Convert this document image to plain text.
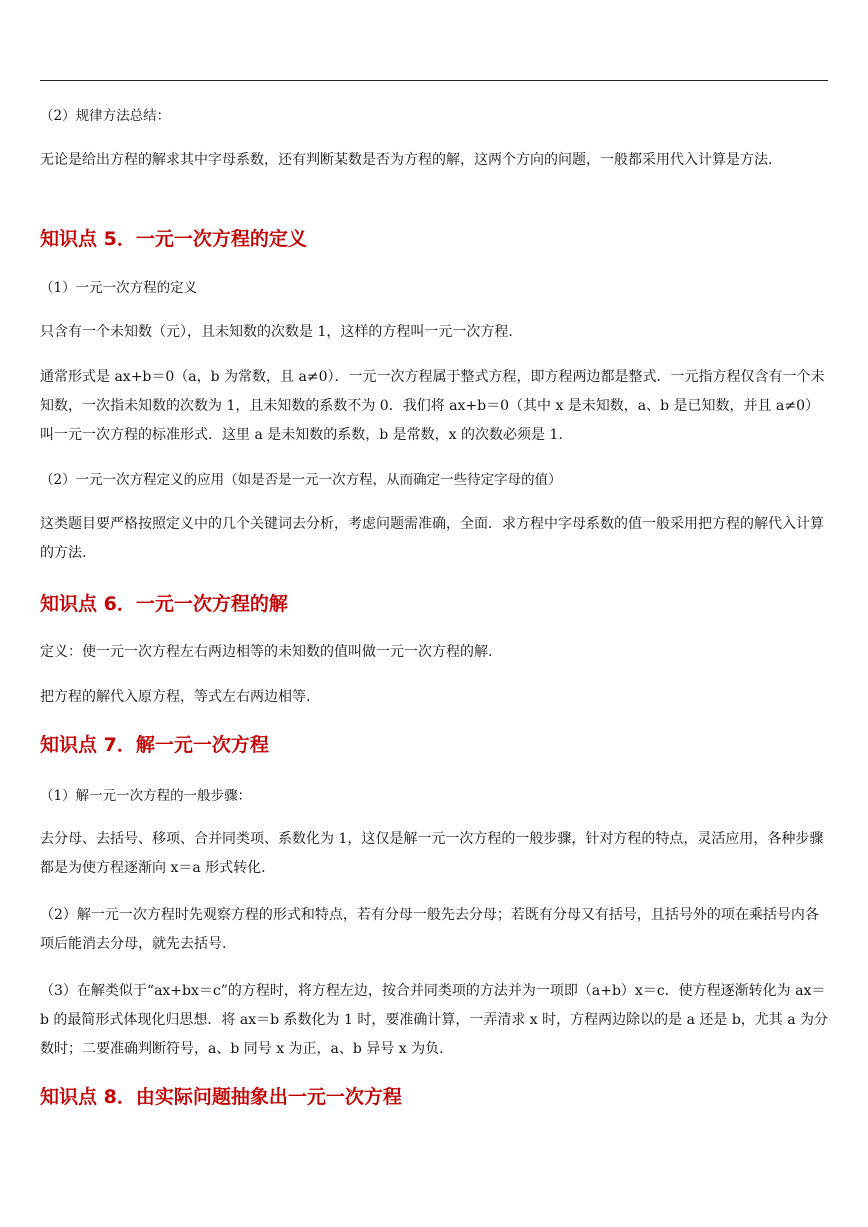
（2）规律方法总结：
无论是给出方程的解求其中字母系数，还有判断某数是否为方程的解，这两个方向的问题，一般都采用代入计算是方法.
知识点 5．一元一次方程的定义
（1）一元一次方程的定义
只含有一个未知数（元），且未知数的次数是 1，这样的方程叫一元一次方程.
通常形式是 ax+b＝0（a，b 为常数，且 a≠0）．一元一次方程属于整式方程，即方程两边都是整式．一元指方程仅含有一个未知数，一次指未知数的次数为 1，且未知数的系数不为 0．我们将 ax+b＝0（其中 x 是未知数，a、b 是已知数，并且 a≠0）叫一元一次方程的标准形式．这里 a 是未知数的系数，b 是常数，x 的次数必须是 1.
（2）一元一次方程定义的应用（如是否是一元一次方程，从而确定一些待定字母的值）
这类题目要严格按照定义中的几个关键词去分析，考虑问题需准确，全面．求方程中字母系数的值一般采用把方程的解代入计算的方法.
知识点 6．一元一次方程的解
定义：使一元一次方程左右两边相等的未知数的值叫做一元一次方程的解.
把方程的解代入原方程，等式左右两边相等.
知识点 7．解一元一次方程
（1）解一元一次方程的一般步骤：
去分母、去括号、移项、合并同类项、系数化为 1，这仅是解一元一次方程的一般步骤，针对方程的特点，灵活应用，各种步骤都是为使方程逐渐向 x＝a 形式转化.
（2）解一元一次方程时先观察方程的形式和特点，若有分母一般先去分母；若既有分母又有括号，且括号外的项在乘括号内各项后能消去分母，就先去括号.
（3）在解类似于“ax+bx＝c”的方程时，将方程左边，按合并同类项的方法并为一项即（a+b）x＝c．使方程逐渐转化为 ax＝b 的最简形式体现化归思想．将 ax＝b 系数化为 1 时，要准确计算，一弄清求 x 时，方程两边除以的是 a 还是 b，尤其 a 为分数时；二要准确判断符号，a、b 同号 x 为正，a、b 异号 x 为负.
知识点 8．由实际问题抽象出一元一次方程
